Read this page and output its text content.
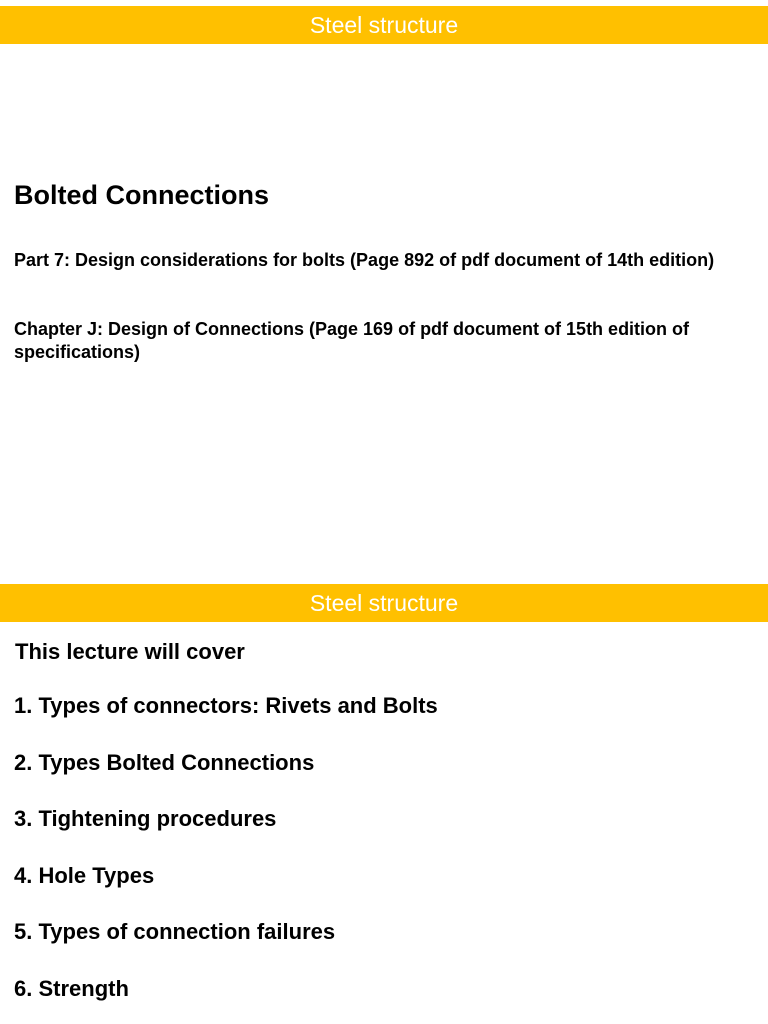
Steel structure
Bolted Connections

Part 7: Design considerations for bolts (Page 892 of pdf document of 14th edition)

Chapter J: Design of Connections (Page 169 of pdf document of 15th edition of specifications)

Steel structure

This lecture will cover

1. Types of connectors: Rivets and Bolts
2. Types Bolted Connections
3. Tightening procedures
4. Hole Types
5. Types of connection failures
6. Strength
